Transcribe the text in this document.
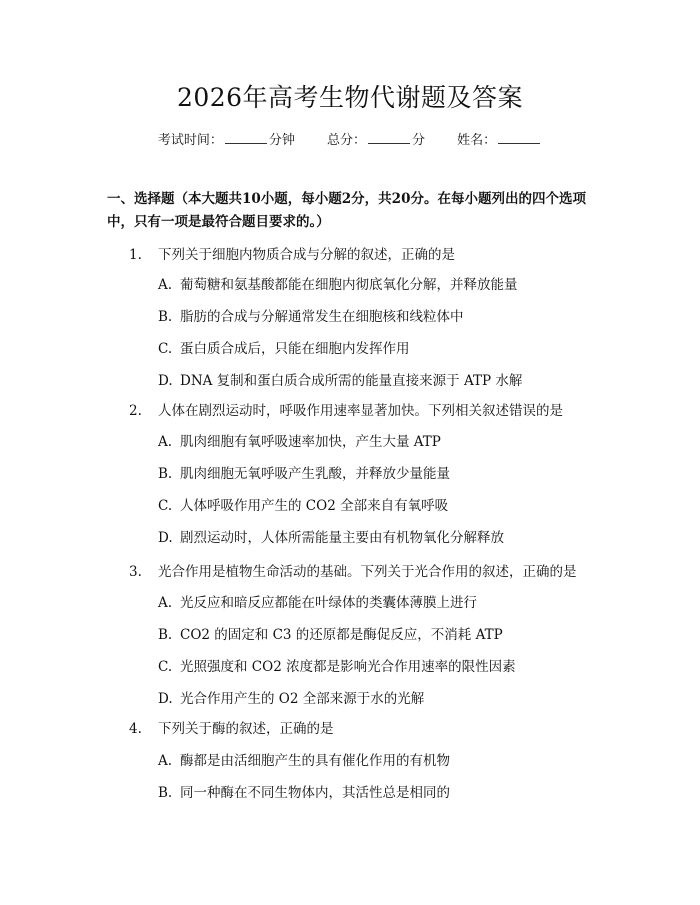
2026年高考生物代谢题及答案
考试时间：	分钟 总分：	分 姓名：
一、选择题（本大题共10小题，每小题2分，共20分。在每小题列出的四个选项中，只有一项是最符合题目要求的。）
1. 下列关于细胞内物质合成与分解的叙述，正确的是
A. 葡萄糖和氨基酸都能在细胞内彻底氧化分解，并释放能量
B. 脂肪的合成与分解通常发生在细胞核和线粒体中
C. 蛋白质合成后，只能在细胞内发挥作用
D. DNA 复制和蛋白质合成所需的能量直接来源于 ATP 水解
2. 人体在剧烈运动时，呼吸作用速率显著加快。下列相关叙述错误的是
A. 肌肉细胞有氧呼吸速率加快，产生大量 ATP
B. 肌肉细胞无氧呼吸产生乳酸，并释放少量能量
C. 人体呼吸作用产生的 CO2 全部来自有氧呼吸
D. 剧烈运动时，人体所需能量主要由有机物氧化分解释放
3. 光合作用是植物生命活动的基础。下列关于光合作用的叙述，正确的是
A. 光反应和暗反应都能在叶绿体的类囊体薄膜上进行
B. CO2 的固定和 C3 的还原都是酶促反应，不消耗 ATP
C. 光照强度和 CO2 浓度都是影响光合作用速率的限性因素
D. 光合作用产生的 O2 全部来源于水的光解
4. 下列关于酶的叙述，正确的是
A. 酶都是由活细胞产生的具有催化作用的有机物
B. 同一种酶在不同生物体内，其活性总是相同的
